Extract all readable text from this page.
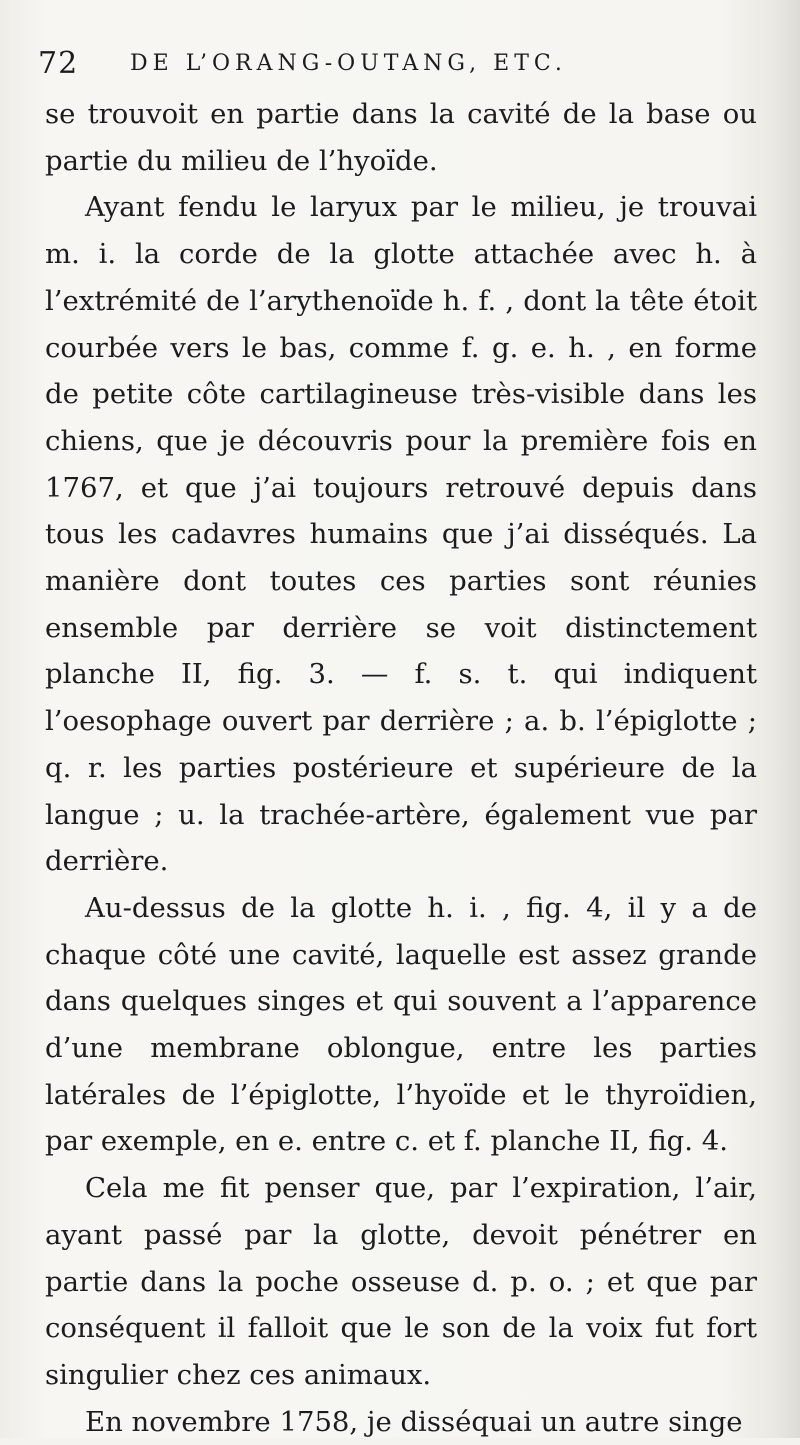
72 DE L’ORANG-OUTANG, ETC.

se trouvoit en partie dans la cavité de la base ou partie du milieu de l’hyoïde.

Ayant fendu le laryux par le milieu, je trouvai m. i. la corde de la glotte attachée avec h. à l’extrémité de l’arythenoïde h. f. , dont la tête étoit courbée vers le bas, comme f. g. e. h. , en forme de petite côte cartilagineuse très-visible dans les chiens, que je découvris pour la première fois en 1767, et que j’ai toujours retrouvé depuis dans tous les cadavres humains que j’ai disséqués. La manière dont toutes ces parties sont réunies ensemble par derrière se voit distinctement planche II, fig. 3. — f. s. t. qui indiquent l’oesophage ouvert par derrière ; a. b. l’épiglotte ; q. r. les parties postérieure et supérieure de la langue ; u. la trachée-artère, également vue par derrière.

Au-dessus de la glotte h. i. , fig. 4, il y a de chaque côté une cavité, laquelle est assez grande dans quelques singes et qui souvent a l’apparence d’une membrane oblongue, entre les parties latérales de l’épiglotte, l’hyoïde et le thyroïdien, par exemple, en e. entre c. et f. planche II, fig. 4.

Cela me fit penser que, par l’expiration, l’air, ayant passé par la glotte, devoit pénétrer en partie dans la poche osseuse d. p. o. ; et que par conséquent il falloit que le son de la voix fut fort singulier chez ces animaux.

En novembre 1758, je disséquai un autre singe
